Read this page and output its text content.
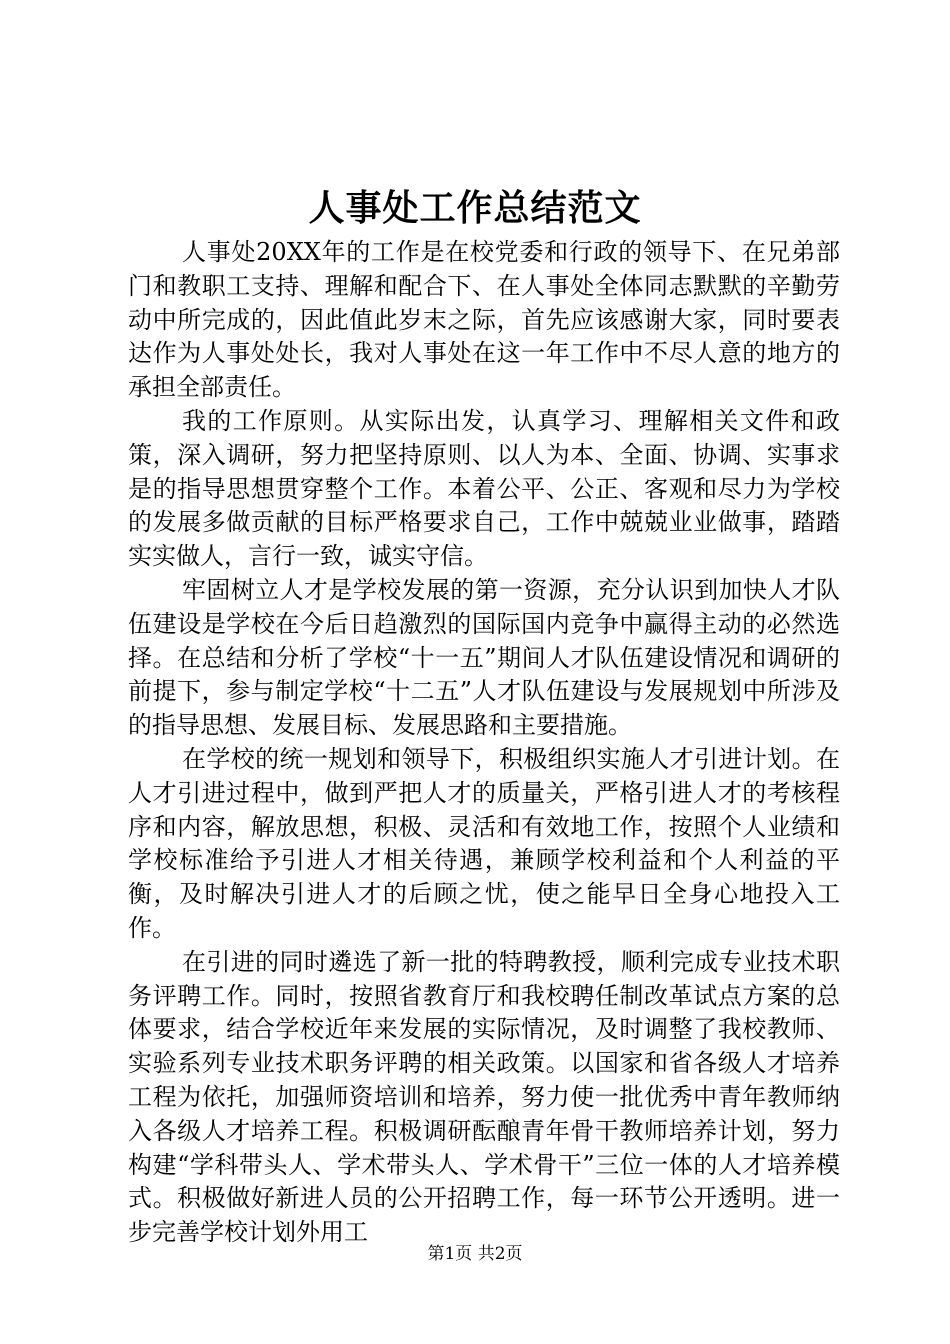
人事处工作总结范文

人事处20XX年的工作是在校党委和行政的领导下、在兄弟部门和教职工支持、理解和配合下、在人事处全体同志默默的辛勤劳动中所完成的，因此值此岁末之际，首先应该感谢大家，同时要表达作为人事处处长，我对人事处在这一年工作中不尽人意的地方的承担全部责任。

我的工作原则。从实际出发，认真学习、理解相关文件和政策，深入调研，努力把坚持原则、以人为本、全面、协调、实事求是的指导思想贯穿整个工作。本着公平、公正、客观和尽力为学校的发展多做贡献的目标严格要求自己，工作中兢兢业业做事，踏踏实实做人，言行一致，诚实守信。

牢固树立人才是学校发展的第一资源，充分认识到加快人才队伍建设是学校在今后日趋激烈的国际国内竞争中赢得主动的必然选择。在总结和分析了学校“十一五”期间人才队伍建设情况和调研的前提下，参与制定学校“十二五”人才队伍建设与发展规划中所涉及的指导思想、发展目标、发展思路和主要措施。

在学校的统一规划和领导下，积极组织实施人才引进计划。在人才引进过程中，做到严把人才的质量关，严格引进人才的考核程序和内容，解放思想，积极、灵活和有效地工作，按照个人业绩和学校标准给予引进人才相关待遇，兼顾学校利益和个人利益的平衡，及时解决引进人才的后顾之忧，使之能早日全身心地投入工作。

在引进的同时遴选了新一批的特聘教授，顺利完成专业技术职务评聘工作。同时，按照省教育厅和我校聘任制改革试点方案的总体要求，结合学校近年来发展的实际情况，及时调整了我校教师、实验系列专业技术职务评聘的相关政策。以国家和省各级人才培养工程为依托，加强师资培训和培养，努力使一批优秀中青年教师纳入各级人才培养工程。积极调研酝酿青年骨干教师培养计划，努力构建“学科带头人、学术带头人、学术骨干”三位一体的人才培养模式。积极做好新进人员的公开招聘工作，每一环节公开透明。进一步完善学校计划外用工

第1页 共2页
